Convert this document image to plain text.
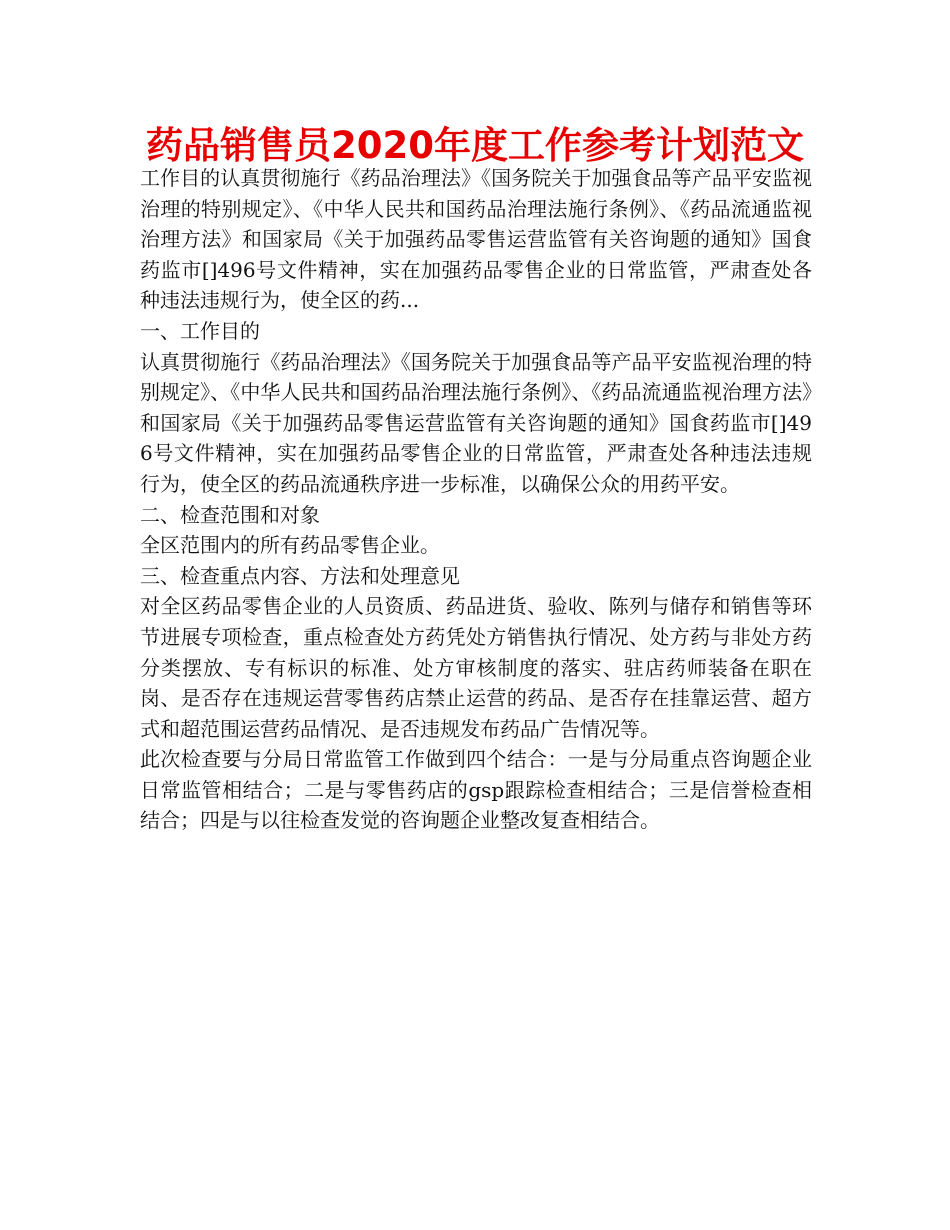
药品销售员2020年度工作参考计划范文

工作目的认真贯彻施行《药品治理法》《国务院关于加强食品等产品平安监视治理的特别规定》、《中华人民共和国药品治理法施行条例》、《药品流通监视治理方法》和国家局《关于加强药品零售运营监管有关咨询题的通知》国食药监市[]496号文件精神，实在加强药品零售企业的日常监管，严肃查处各种违法违规行为，使全区的药...

一、工作目的

认真贯彻施行《药品治理法》《国务院关于加强食品等产品平安监视治理的特别规定》、《中华人民共和国药品治理法施行条例》、《药品流通监视治理方法》和国家局《关于加强药品零售运营监管有关咨询题的通知》国食药监市[]496号文件精神，实在加强药品零售企业的日常监管，严肃查处各种违法违规行为，使全区的药品流通秩序进一步标准，以确保公众的用药平安。

二、检查范围和对象

全区范围内的所有药品零售企业。

三、检查重点内容、方法和处理意见

对全区药品零售企业的人员资质、药品进货、验收、陈列与储存和销售等环节进展专项检查，重点检查处方药凭处方销售执行情况、处方药与非处方药分类摆放、专有标识的标准、处方审核制度的落实、驻店药师装备在职在岗、是否存在违规运营零售药店禁止运营的药品、是否存在挂靠运营、超方式和超范围运营药品情况、是否违规发布药品广告情况等。

此次检查要与分局日常监管工作做到四个结合：一是与分局重点咨询题企业日常监管相结合；二是与零售药店的gsp跟踪检查相结合；三是信誉检查相结合；四是与以往检查发觉的咨询题企业整改复查相结合。
